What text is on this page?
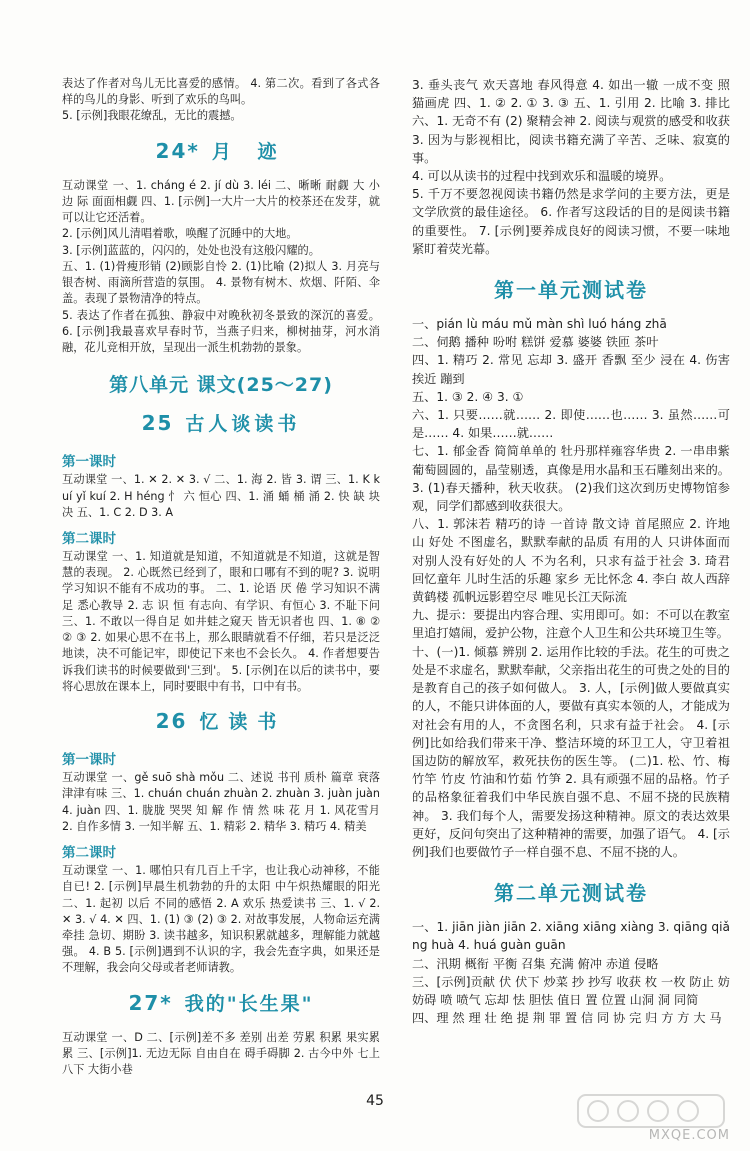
表达了作者对鸟儿无比喜爱的感情。 4. 第二次。看到了各式各样的鸟儿的身影、听到了欢乐的鸟叫。

5. [示例]我眼花缭乱，无比的震撼。

24* 月 迹

互动课堂 一、1. cháng é 2. jí dù 3. léi 二、晰晰 耐觑 大 小 边 际 面面相觑 四、1. [示例]一大片一大片的校茶还在发芽，就可以让它还活着。

2. [示例]风儿清唱着歌，唤醒了沉睡中的大地。

3. [示例]蓝蓝的，闪闪的，处处也没有这般闪耀的。

五、1. (1)骨瘦形销 (2)顾影自怜 2. (1)比喻 (2)拟人 3. 月亮与银杏树、雨滴所营造的氛围。 4. 景物有树木、炊烟、阡陌、伞盖。表现了景物清净的特点。

5. 表达了作者在孤独、静寂中对晚秋初冬景致的深沉的喜爱。 6. [示例]我最喜欢早春时节，当燕子归来，柳树抽芽，河水消融，花儿竞相开放，呈现出一派生机勃勃的景象。

第八单元 课文(25～27)
25 古人谈读书
第一课时

互动课堂 一、1. ✕ 2. ✕ 3. √ 二、1. 海 2. 皆 3. 谓 三、1. K kuí yǐ kuí 2. H héng 忄 六 恒心 四、1. 涌 蛹 桶 涌 2. 快 缺 块 决 五、1. C 2. D 3. A

第二课时

互动课堂 一、1. 知道就是知道，不知道就是不知道，这就是智慧的表现。 2. 心既然已经到了，眼和口哪有不到的呢? 3. 说明学习知识不能有不成功的事。 二、1. 论语 厌 倦 学习知识不满足 悉心教导 2. 志 识 恒 有志向、有学识、有恒心 3. 不耻下问 三、1. 不敢以一得自足 如井蛙之窥天 皆无识者也 四、1. ⑧ ② ② ③ 2. 如果心思不在书上，那么眼睛就看不仔细，若只是泛泛地读，决不可能记牢，即使记下来也不会长久。 4. 作者想要告诉我们读书的时候要做到'三到'。 5. [示例]在以后的读书中，要将心思放在课本上，同时要眼中有书，口中有书。

26 忆读书
第一课时

互动课堂 一、gě suō shà mǒu 二、述说 书刊 质朴 篇章 衰落 津津有味 三、1. chuán chuán zhuàn 2. zhuàn 3. juàn juàn 4. juàn 四、1. 胧胧 哭哭 知 解 作 情 然 味 花 月 1. 风花雪月 2. 自作多情 3. 一知半解 五、1. 精彩 2. 精华 3. 精巧 4. 精美

第二课时

互动课堂 一、1. 哪怕只有几百上千字，也让我心动神移，不能自已! 2. [示例]早晨生机勃勃的升的太阳 中午炽热耀眼的阳光 二、1. 起初 以后 不同的感悟 2. A 欢乐 热爱读书 三、1. √ 2. ✕ 3. √ 4. ✕ 四、1. (1) ③ (2) ③ 2. 对故事发展，人物命运充满牵挂 急切、期盼 3. 读书越多，知识积累就越多，理解能力就越强。 4. B 5. [示例]遇到不认识的字，我会先查字典，如果还是不理解，我会向父母或者老师请教。

27* 我的"长生果"

互动课堂 一、D 二、[示例]差不多 差别 出差 劳累 积累 果实累累 三、[示例]1. 无边无际 自由自在 碍手碍脚 2. 古今中外 七上八下 大街小巷

3. 垂头丧气 欢天喜地 春风得意 4. 如出一辙 一成不变 照猫画虎 四、1. ② 2. ① 3. ③ 五、1. 引用 2. 比喻 3. 排比 六、1. 无奇不有 (2) 聚精会神 2. 阅读与观赏的感受和收获 3. 因为与影视相比，阅读书籍充满了辛苦、乏味、寂寞的事。

4. 可以从读书的过程中找到欢乐和温暖的境界。

5. 千万不要忽视阅读书籍仍然是求学问的主要方法，更是文学欣赏的最佳途径。 6. 作者写这段话的目的是阅读书籍的重要性。 7. [示例]要养成良好的阅读习惯，不要一味地紧盯着荧光幕。

第一单元测试卷

一、pián lù máu mǔ màn shì luó háng zhā

二、伺鹅 播种 吩咐 糕饼 爱慕 婆婆 铁匝 茶叶

四、1. 精巧 2. 常见 忘却 3. 盛开 香飘 至少 浸在 4. 伤害 挨近 蹦到

五、1. ③ 2. ④ 3. ①

六、1. 只要……就…… 2. 即使……也…… 3. 虽然……可是…… 4. 如果……就……

七、1. 郁金香 简简单单的 牡丹那样雍容华贵 2. 一串串紫葡萄圆圆的，晶莹剔透，真像是用水晶和玉石雕刻出来的。 3. (1)春天播种，秋天收获。 (2)我们这次到历史博物馆参观，同学们都感到收获很大。

八、1. 郭沫若 精巧的诗 一首诗 散文诗 首尾照应 2. 许地山 好处 不图虚名，默默奉献的品质 有用的人 只讲体面而对别人没有好处的人 不为名利，只求有益于社会 3. 琦君 回忆童年 儿时生活的乐趣 家乡 无比怀念 4. 李白 故人西辞黄鹤楼 孤帆远影碧空尽 唯见长江天际流

九、提示：要提出内容合理、实用即可。如：不可以在教室里追打嬉闹，爱护公物，注意个人卫生和公共环境卫生等。

十、(一)1. 倾慕 辨别 2. 运用作比较的手法。花生的可贵之处是不求虚名，默默奉献，父亲指出花生的可贵之处的目的是教育自己的孩子如何做人。 3. 人，[示例]做人要做真实的人，不能只讲体面的人，要做有真实本领的人，才能成为对社会有用的人，不贪图名利，只求有益于社会。 4. [示例]比如给我们带来干净、整洁环境的环卫工人，守卫着祖国边防的解放军，救死扶伤的医生等。 (二)1. 松、竹、梅 竹竿 竹皮 竹油和竹茹 竹笋 2. 具有顽强不屈的品格。竹子的品格象征着我们中华民族自强不息、不屈不挠的民族精神。 3. 我们每个人，需要发扬这种精神。原文的表达效果更好，反问句突出了这种精神的需要，加强了语气。 4. [示例]我们也要做竹子一样自强不息、不屈不挠的人。

第二单元测试卷

一、1. jiān jiàn jiān 2. xiāng xiāng xiàng 3. qiāng qiǎng huà 4. huá guàn guān

二、汛期 概衔 平衡 召集 充满 俯冲 赤道 侵略

三、[示例]贡献 伏 伏下 炒菜 抄 抄写 收获 枚 一枚 防止 妨 妨碍 喷 喷气 忘却 怯 胆怯 值日 置 位置 山洞 洞 同简

四、理 然 理 壮 绝 提 荆 罪 置 信 同 协 完 归 方 方 大 马

45
MXQE.COM
